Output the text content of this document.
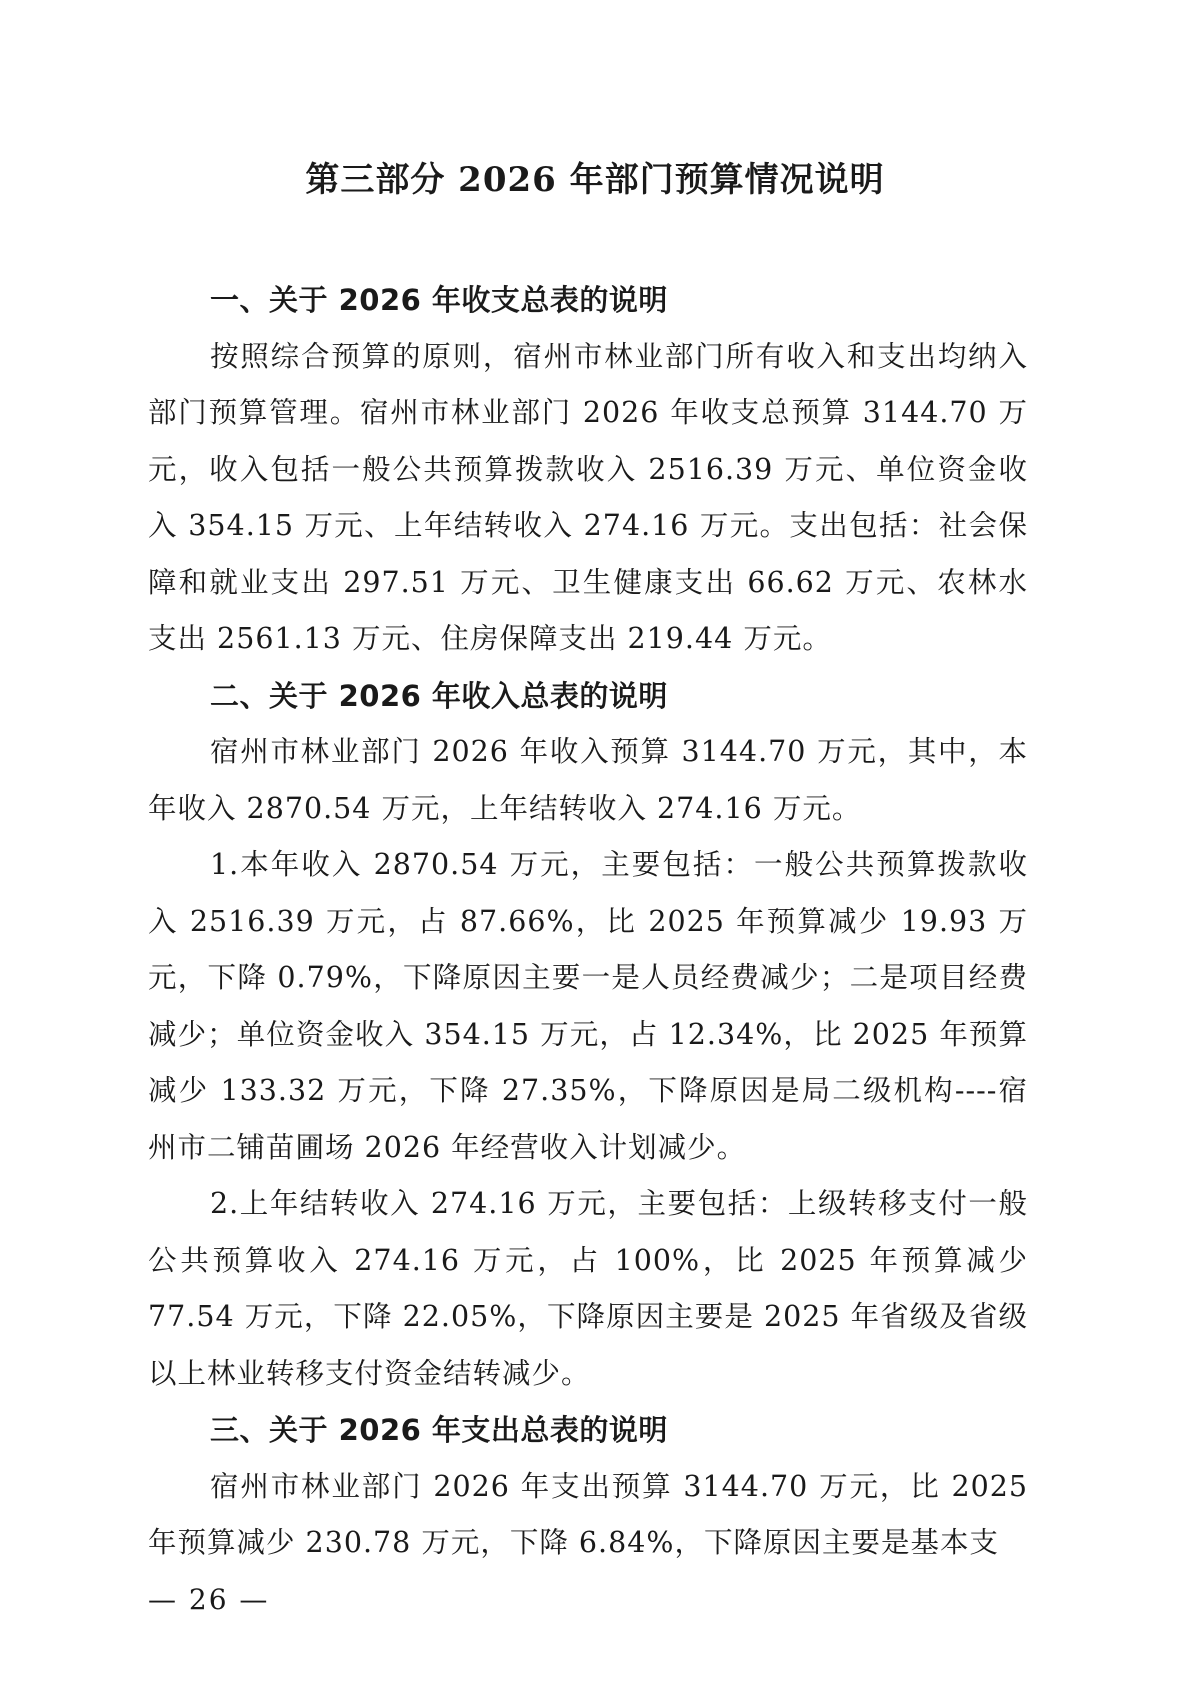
第三部分 2026 年部门预算情况说明

一、关于 2026 年收支总表的说明

按照综合预算的原则，宿州市林业部门所有收入和支出均纳入部门预算管理。宿州市林业部门 2026 年收支总预算 3144.70 万元，收入包括一般公共预算拨款收入 2516.39 万元、单位资金收入 354.15 万元、上年结转收入 274.16 万元。支出包括：社会保障和就业支出 297.51 万元、卫生健康支出 66.62 万元、农林水支出 2561.13 万元、住房保障支出 219.44 万元。

二、关于 2026 年收入总表的说明

宿州市林业部门 2026 年收入预算 3144.70 万元，其中，本年收入 2870.54 万元，上年结转收入 274.16 万元。

1.本年收入 2870.54 万元，主要包括：一般公共预算拨款收入 2516.39 万元，占 87.66%，比 2025 年预算减少 19.93 万元，下降 0.79%，下降原因主要一是人员经费减少；二是项目经费减少；单位资金收入 354.15 万元，占 12.34%，比 2025 年预算减少 133.32 万元，下降 27.35%，下降原因是局二级机构----宿州市二铺苗圃场 2026 年经营收入计划减少。

2.上年结转收入 274.16 万元，主要包括：上级转移支付一般公共预算收入 274.16 万元，占 100%，比 2025 年预算减少 77.54 万元，下降 22.05%，下降原因主要是 2025 年省级及省级以上林业转移支付资金结转减少。

三、关于 2026 年支出总表的说明

宿州市林业部门 2026 年支出预算 3144.70 万元，比 2025 年预算减少 230.78 万元，下降 6.84%，下降原因主要是基本支

— 26 —
